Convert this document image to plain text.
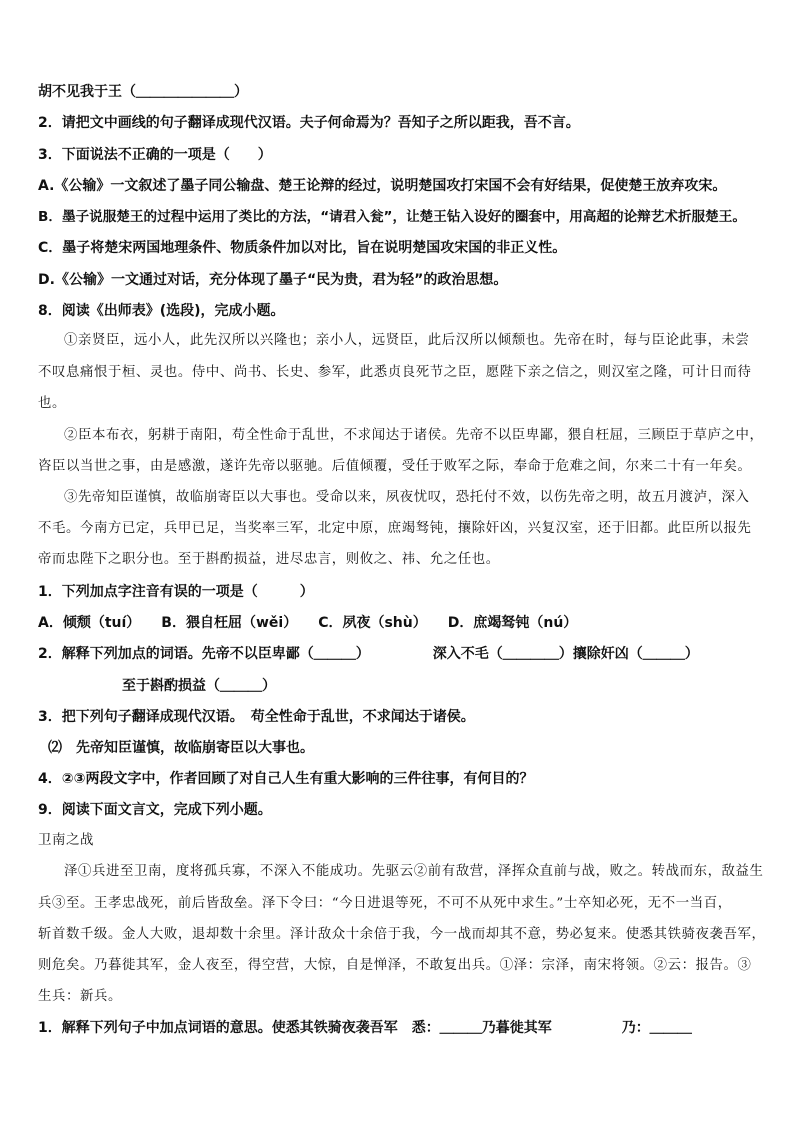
胡不见我于王（＿＿＿＿＿＿＿）
2．请把文中画线的句子翻译成现代汉语。夫子何命焉为？吾知子之所以距我，吾不言。
3．下面说法不正确的一项是（　　）
A.《公输》一文叙述了墨子同公输盘、楚王论辩的经过，说明楚国攻打宋国不会有好结果，促使楚王放弃攻宋。
B．墨子说服楚王的过程中运用了类比的方法，“请君入瓮”，让楚王钻入设好的圈套中，用高超的论辩艺术折服楚王。
C．墨子将楚宋两国地理条件、物质条件加以对比，旨在说明楚国攻宋国的非正义性。
D.《公输》一文通过对话，充分体现了墨子“民为贵，君为轻”的政治思想。
8．阅读《出师表》(选段)，完成小题。
①亲贤臣，远小人，此先汉所以兴隆也；亲小人，远贤臣，此后汉所以倾颓也。先帝在时，每与臣论此事，未尝
不叹息痛恨于桓、灵也。侍中、尚书、长史、参军，此悉贞良死节之臣，愿陛下亲之信之，则汉室之隆，可计日而待
也。
②臣本布衣，躬耕于南阳，苟全性命于乱世，不求闻达于诸侯。先帝不以臣卑鄙，猥自枉屈，三顾臣于草庐之中，
咨臣以当世之事，由是感激，遂许先帝以驱驰。后值倾覆，受任于败军之际，奉命于危难之间，尔来二十有一年矣。
③先帝知臣谨慎，故临崩寄臣以大事也。受命以来，夙夜忧叹，恐托付不效，以伤先帝之明，故五月渡泸，深入
不毛。今南方已定，兵甲已足，当奖率三军，北定中原，庶竭驽钝，攘除奸凶，兴复汉室，还于旧都。此臣所以报先
帝而忠陛下之职分也。至于斟酌损益，进尽忠言，则攸之、祎、允之任也。
1．下列加点字注音有误的一项是（　　　）
A．倾颓（tuí）　　B．猥自枉屈（wěi）　　C．夙夜（shù）　　D．庶竭驽钝（nú）
2．解释下列加点的词语。先帝不以臣卑鄙（＿＿＿）　　　　　深入不毛（＿＿＿＿）攘除奸凶（＿＿＿）
　　　　　　至于斟酌损益（＿＿＿）
3．把下列句子翻译成现代汉语。　苟全性命于乱世，不求闻达于诸侯。
⑵　先帝知臣谨慎，故临崩寄臣以大事也。
4．②③两段文字中，作者回顾了对自己人生有重大影响的三件往事，有何目的？
9．阅读下面文言文，完成下列小题。
卫南之战
泽①兵进至卫南，度将孤兵寡，不深入不能成功。先驱云②前有敌营，泽挥众直前与战，败之。转战而东，敌益生
兵③至。王孝忠战死，前后皆敌垒。泽下令曰：“今日进退等死，不可不从死中求生。”士卒知必死，无不一当百，
斩首数千级。金人大败，退却数十余里。泽计敌众十余倍于我，今一战而却其不意，势必复来。使悉其铁骑夜袭吾军，
则危矣。乃暮徙其军，金人夜至，得空营，大惊，自是惮泽，不敢复出兵。①泽：宗泽，南宋将领。②云：报告。③
生兵：新兵。
1．解释下列句子中加点词语的意思。使悉其铁骑夜袭吾军　悉：＿＿＿乃暮徙其军　　　　　乃：＿＿＿
